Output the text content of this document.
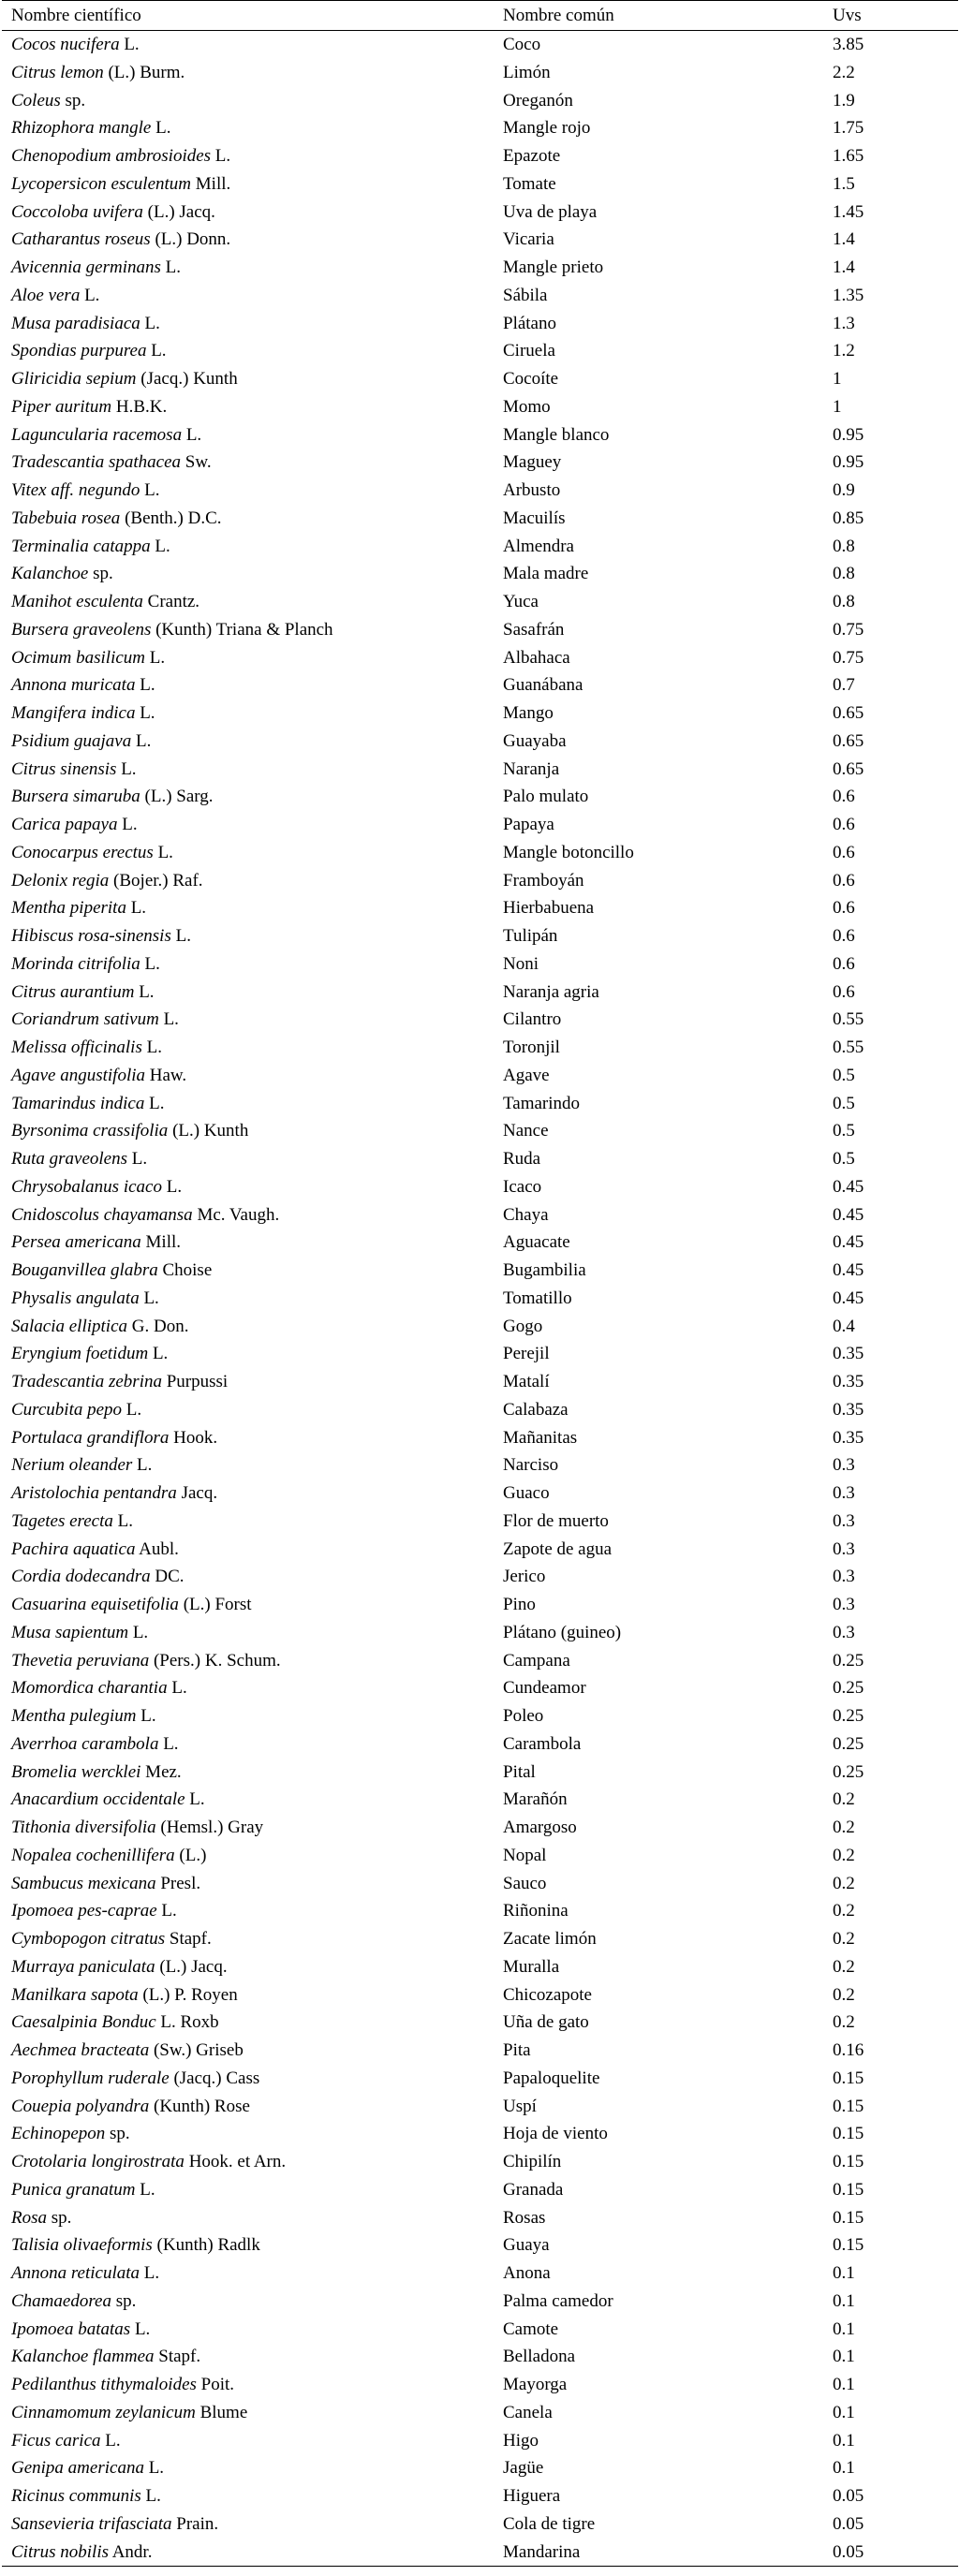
Nombre científico	Nombre común	Uvs
Cocos nucifera L.	Coco	3.85
Citrus lemon (L.) Burm.	Limón	2.2
Coleus sp.	Oreganón	1.9
Rhizophora mangle L.	Mangle rojo	1.75
Chenopodium ambrosioides L.	Epazote	1.65
Lycopersicon esculentum Mill.	Tomate	1.5
Coccoloba uvifera (L.) Jacq.	Uva de playa	1.45
Catharantus roseus (L.) Donn.	Vicaria	1.4
Avicennia germinans L.	Mangle prieto	1.4
Aloe vera L.	Sábila	1.35
Musa paradisiaca L.	Plátano	1.3
Spondias purpurea L.	Ciruela	1.2
Gliricidia sepium (Jacq.) Kunth	Cocoíte	1
Piper auritum H.B.K.	Momo	1
Laguncularia racemosa L.	Mangle blanco	0.95
Tradescantia spathacea Sw.	Maguey	0.95
Vitex aff. negundo L.	Arbusto	0.9
Tabebuia rosea (Benth.) D.C.	Macuilís	0.85
Terminalia catappa L.	Almendra	0.8
Kalanchoe sp.	Mala madre	0.8
Manihot esculenta Crantz.	Yuca	0.8
Bursera graveolens (Kunth) Triana & Planch	Sasafrán	0.75
Ocimum basilicum L.	Albahaca	0.75
Annona muricata L.	Guanábana	0.7
Mangifera indica L.	Mango	0.65
Psidium guajava L.	Guayaba	0.65
Citrus sinensis L.	Naranja	0.65
Bursera simaruba (L.) Sarg.	Palo mulato	0.6
Carica papaya L.	Papaya	0.6
Conocarpus erectus L.	Mangle botoncillo	0.6
Delonix regia (Bojer.) Raf.	Framboyán	0.6
Mentha piperita L.	Hierbabuena	0.6
Hibiscus rosa-sinensis L.	Tulipán	0.6
Morinda citrifolia L.	Noni	0.6
Citrus aurantium L.	Naranja agria	0.6
Coriandrum sativum L.	Cilantro	0.55
Melissa officinalis L.	Toronjil	0.55
Agave angustifolia Haw.	Agave	0.5
Tamarindus indica L.	Tamarindo	0.5
Byrsonima crassifolia (L.) Kunth	Nance	0.5
Ruta graveolens L.	Ruda	0.5
Chrysobalanus icaco L.	Icaco	0.45
Cnidoscolus chayamansa Mc. Vaugh.	Chaya	0.45
Persea americana Mill.	Aguacate	0.45
Bouganvillea glabra Choise	Bugambilia	0.45
Physalis angulata L.	Tomatillo	0.45
Salacia elliptica G. Don.	Gogo	0.4
Eryngium foetidum L.	Perejil	0.35
Tradescantia zebrina Purpussi	Matalí	0.35
Curcubita pepo L.	Calabaza	0.35
Portulaca grandiflora Hook.	Mañanitas	0.35
Nerium oleander L.	Narciso	0.3
Aristolochia pentandra Jacq.	Guaco	0.3
Tagetes erecta L.	Flor de muerto	0.3
Pachira aquatica Aubl.	Zapote de agua	0.3
Cordia dodecandra DC.	Jerico	0.3
Casuarina equisetifolia (L.) Forst	Pino	0.3
Musa sapientum L.	Plátano (guineo)	0.3
Thevetia peruviana (Pers.) K. Schum.	Campana	0.25
Momordica charantia L.	Cundeamor	0.25
Mentha pulegium L.	Poleo	0.25
Averrhoa carambola L.	Carambola	0.25
Bromelia wercklei Mez.	Pital	0.25
Anacardium occidentale L.	Marañón	0.2
Tithonia diversifolia (Hemsl.) Gray	Amargoso	0.2
Nopalea cochenillifera (L.)	Nopal	0.2
Sambucus mexicana Presl.	Sauco	0.2
Ipomoea pes-caprae L.	Riñonina	0.2
Cymbopogon citratus Stapf.	Zacate limón	0.2
Murraya paniculata (L.) Jacq.	Muralla	0.2
Manilkara sapota (L.) P. Royen	Chicozapote	0.2
Caesalpinia Bonduc L. Roxb	Uña de gato	0.2
Aechmea bracteata (Sw.) Griseb	Pita	0.16
Porophyllum ruderale (Jacq.) Cass	Papaloquelite	0.15
Couepia polyandra (Kunth) Rose	Uspí	0.15
Echinopepon sp.	Hoja de viento	0.15
Crotolaria longirostrata Hook. et Arn.	Chipilín	0.15
Punica granatum L.	Granada	0.15
Rosa sp.	Rosas	0.15
Talisia olivaeformis (Kunth) Radlk	Guaya	0.15
Annona reticulata L.	Anona	0.1
Chamaedorea sp.	Palma camedor	0.1
Ipomoea batatas L.	Camote	0.1
Kalanchoe flammea Stapf.	Belladona	0.1
Pedilanthus tithymaloides Poit.	Mayorga	0.1
Cinnamomum zeylanicum Blume	Canela	0.1
Ficus carica L.	Higo	0.1
Genipa americana L.	Jagüe	0.1
Ricinus communis L.	Higuera	0.05
Sansevieria trifasciata Prain.	Cola de tigre	0.05
Citrus nobilis Andr.	Mandarina	0.05
